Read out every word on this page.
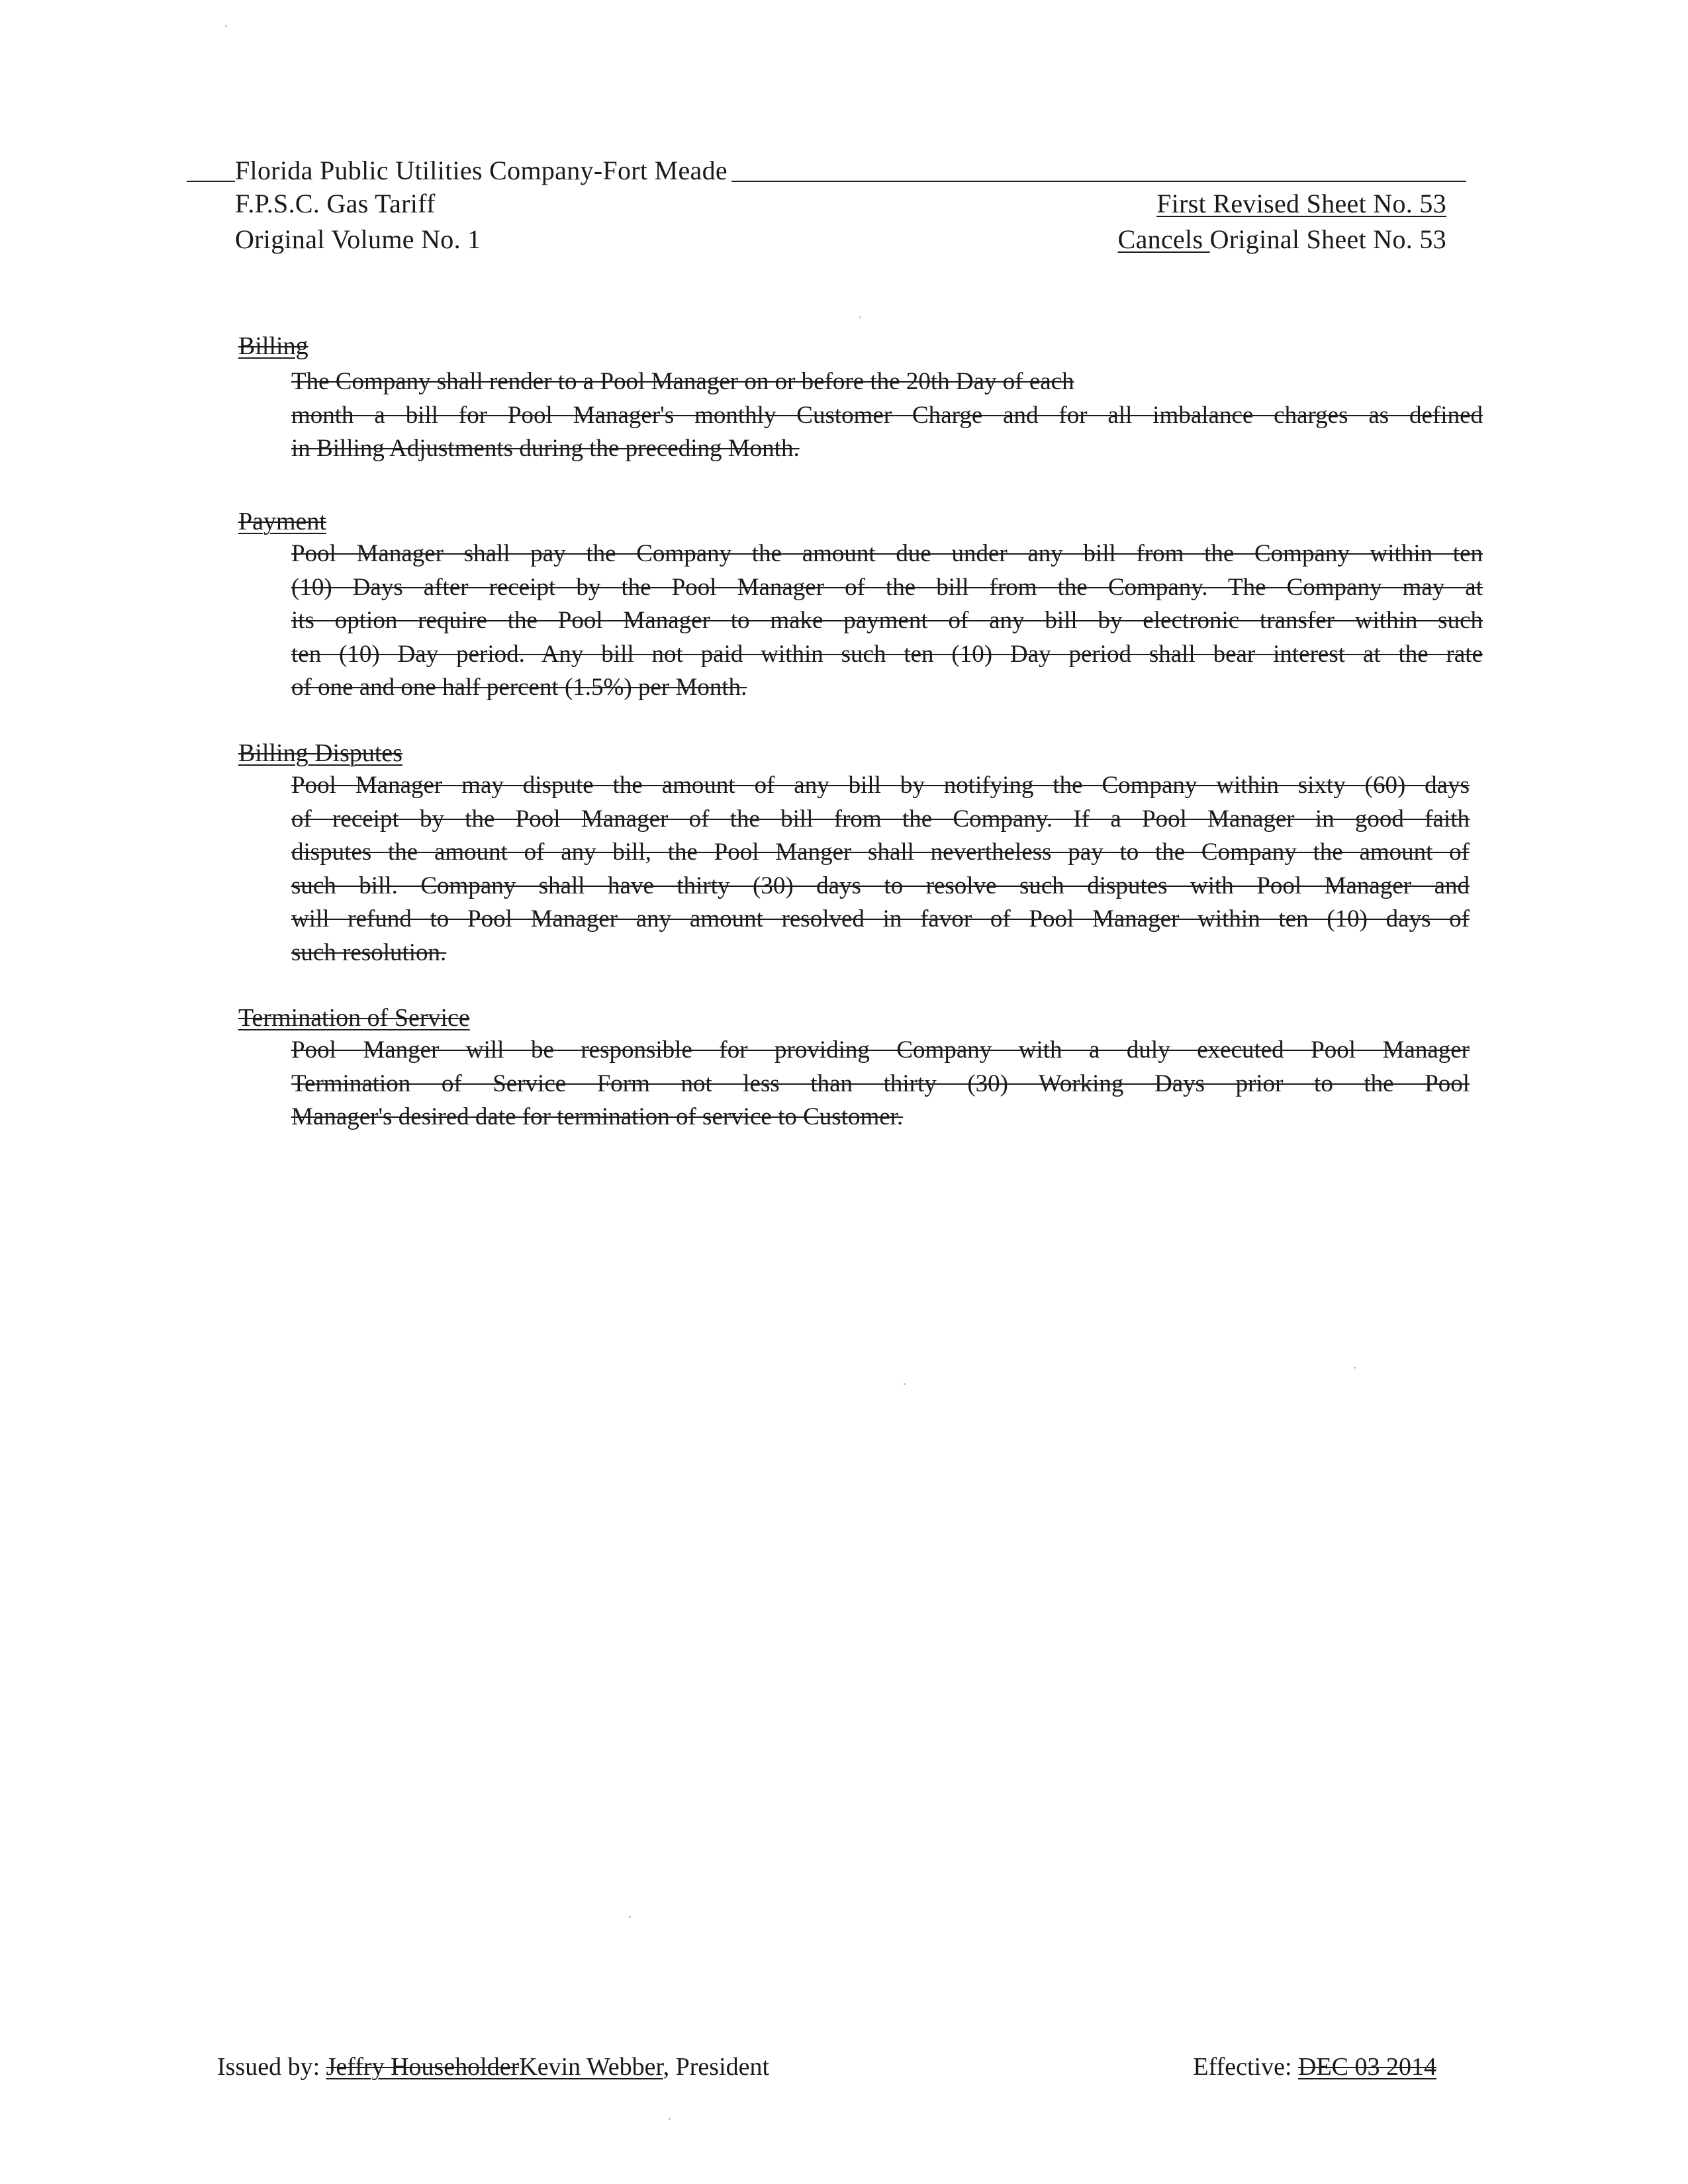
Florida Public Utilities Company-Fort Meade
F.P.S.C. Gas Tariff
Original Volume No. 1
First Revised Sheet No. 53
Cancels Original Sheet No. 53
Billing
The Company shall render to a Pool Manager on or before the 20th Day of each
month a bill for Pool Manager's monthly Customer Charge and for all imbalance charges as defined
in Billing Adjustments during the preceding Month.
Payment
Pool Manager shall pay the Company the amount due under any bill from the Company within ten
(10) Days after receipt by the Pool Manager of the bill from the Company. The Company may at
its option require the Pool Manager to make payment of any bill by electronic transfer within such
ten (10) Day period. Any bill not paid within such ten (10) Day period shall bear interest at the rate
of one and one half percent (1.5%) per Month.
Billing Disputes
Pool Manager may dispute the amount of any bill by notifying the Company within sixty (60) days
of receipt by the Pool Manager of the bill from the Company. If a Pool Manager in good faith
disputes the amount of any bill, the Pool Manger shall nevertheless pay to the Company the amount of
such bill. Company shall have thirty (30) days to resolve such disputes with Pool Manager and
will refund to Pool Manager any amount resolved in favor of Pool Manager within ten (10) days of
such resolution.
Termination of Service
Pool Manger will be responsible for providing Company with a duly executed Pool Manager
Termination of Service Form not less than thirty (30) Working Days prior to the Pool
Manager's desired date for termination of service to Customer.
Issued by: Jeffry HouseholderKevin Webber, President	Effective: DEC 03 2014
